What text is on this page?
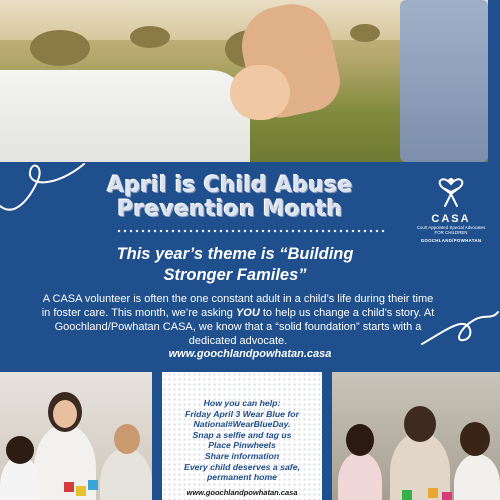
April is Child Abuse
Prevention Month	CASA
Court Appointed Special Advocates
FOR CHILDREN
GOOCHLAND/POWHATAN
This year’s theme is “Building
Stronger Familes”
A CASA volunteer is often the one constant adult in a child’s life during their time in foster care. This month, we’re asking YOU to help us change a child’s story. At Goochland/Powhatan CASA, we know that a “solid foundation” starts with a dedicated advocate.
www.goochlandpowhatan.casa
How you can help:
Friday April 3 Wear Blue for
National#WearBlueDay.
Snap a selfie and tag us
Place Pinwheels
Share information
Every child deserves a safe,
permanent home
www.goochlandpowhatan.casa
